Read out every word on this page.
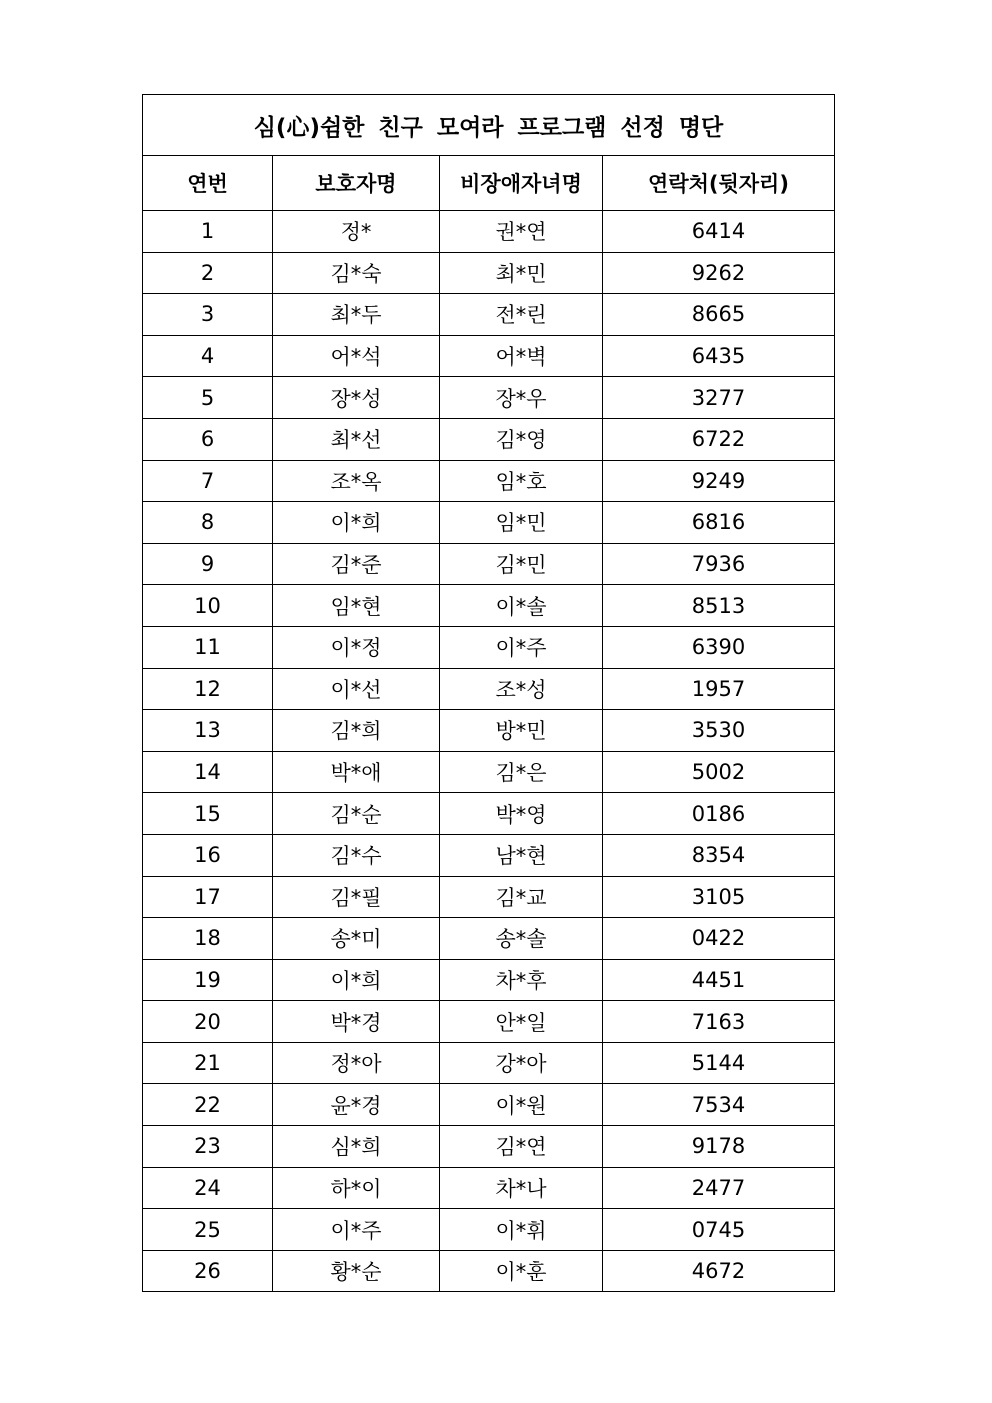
심(心)쉼한 친구 모여라 프로그램 선정 명단			
연번	보호자명	비장애자녀명	연락처(뒷자리)
1	정*	권*연	6414
2	김*숙	최*민	9262
3	최*두	전*린	8665
4	어*석	어*벽	6435
5	장*성	장*우	3277
6	최*선	김*영	6722
7	조*옥	임*호	9249
8	이*희	임*민	6816
9	김*준	김*민	7936
10	임*현	이*솔	8513
11	이*정	이*주	6390
12	이*선	조*성	1957
13	김*희	방*민	3530
14	박*애	김*은	5002
15	김*순	박*영	0186
16	김*수	남*현	8354
17	김*필	김*교	3105
18	송*미	송*솔	0422
19	이*희	차*후	4451
20	박*경	안*일	7163
21	정*아	강*아	5144
22	윤*경	이*원	7534
23	심*희	김*연	9178
24	하*이	차*나	2477
25	이*주	이*휘	0745
26	황*순	이*훈	4672
